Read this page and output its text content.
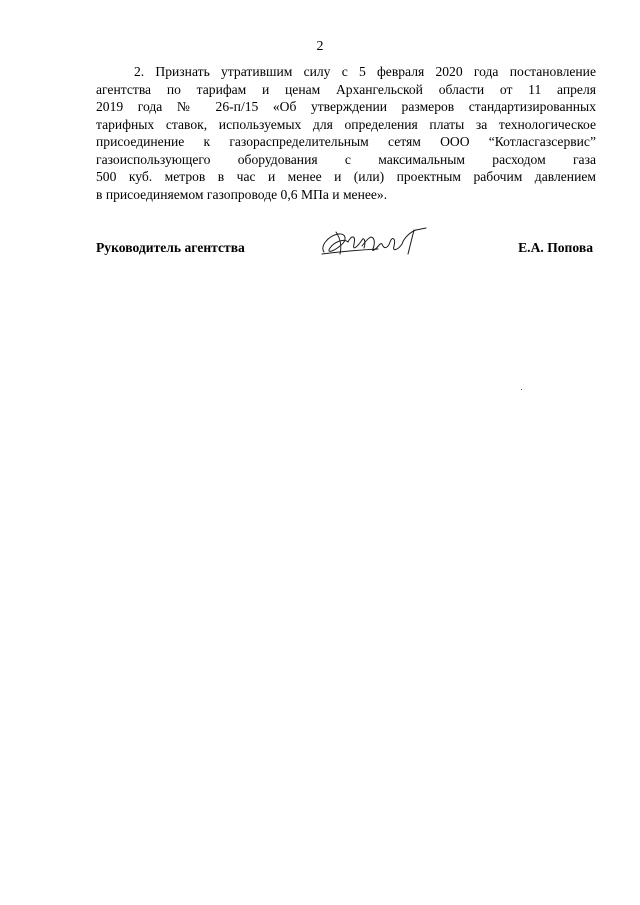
2
2. Признать утратившим силу с 5 февраля 2020 года постановление
агентства по тарифам и ценам Архангельской области от 11 апреля
2019 года № 26-п/15 «Об утверждении размеров стандартизированных
тарифных ставок, используемых для определения платы за технологическое
присоединение к газораспределительным сетям ООО “Котласгазсервис”
газоиспользующего оборудования с максимальным расходом газа
500 куб. метров в час и менее и (или) проектным рабочим давлением
в присоединяемом газопроводе 0,6 МПа и менее».
Руководитель агентства	Е.А. Попова
